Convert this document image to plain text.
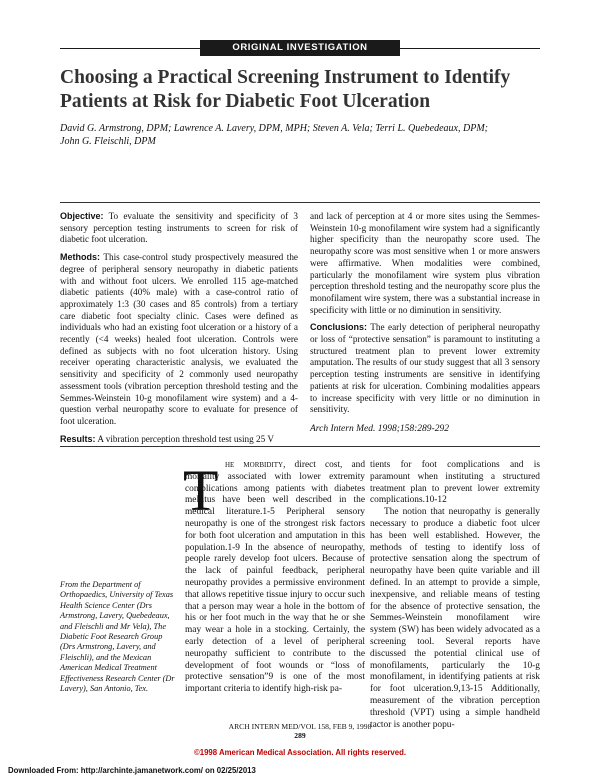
ORIGINAL INVESTIGATION
Choosing a Practical Screening Instrument to Identify Patients at Risk for Diabetic Foot Ulceration
David G. Armstrong, DPM; Lawrence A. Lavery, DPM, MPH; Steven A. Vela; Terri L. Quebedeaux, DPM; John G. Fleischli, DPM

Objective: To evaluate the sensitivity and specificity of 3 sensory perception testing instruments to screen for risk of diabetic foot ulceration.

Methods: This case-control study prospectively measured the degree of peripheral sensory neuropathy in diabetic patients with and without foot ulcers. We enrolled 115 age-matched diabetic patients (40% male) with a case-control ratio of approximately 1:3 (30 cases and 85 controls) from a tertiary care diabetic foot specialty clinic. Cases were defined as individuals who had an existing foot ulceration or a history of a recently (<4 weeks) healed foot ulceration. Controls were defined as subjects with no foot ulceration history. Using receiver operating characteristic analysis, we evaluated the sensitivity and specificity of 2 commonly used neuropathy assessment tools (vibration perception threshold testing and the Semmes-Weinstein 10-g monofilament wire system) and a 4-question verbal neuropathy score to evaluate for presence of foot ulceration.

Results: A vibration perception threshold test using 25 V

and lack of perception at 4 or more sites using the Semmes-Weinstein 10-g monofilament wire system had a significantly higher specificity than the neuropathy score used. The neuropathy score was most sensitive when 1 or more answers were affirmative. When modalities were combined, particularly the monofilament wire system plus vibration perception threshold testing and the neuropathy score plus the monofilament wire system, there was a substantial increase in specificity with little or no diminution in sensitivity.

Conclusions: The early detection of peripheral neuropathy or loss of “protective sensation” is paramount to instituting a structured treatment plan to prevent lower extremity amputation. The results of our study suggest that all 3 sensory perception testing instruments are sensitive in identifying patients at risk for ulceration. Combining modalities appears to increase specificity with very little or no diminution in sensitivity.

Arch Intern Med. 1998;158:289-292

From the Department of Orthopaedics, University of Texas Health Science Center (Drs Armstrong, Lavery, Quebedeaux, and Fleischli and Mr Vela), The Diabetic Foot Research Group (Drs Armstrong, Lavery, and Fleischli), and the Mexican American Medical Treatment Effectiveness Research Center (Dr Lavery), San Antonio, Tex.
T he morbidity, direct cost, and mortality associated with lower extremity complications among patients with diabetes mellitus have been well described in the medical literature.1-5 Peripheral sensory neuropathy is one of the strongest risk factors for both foot ulceration and amputation in this population.1-9 In the absence of neuropathy, people rarely develop foot ulcers. Because of the lack of painful feedback, peripheral neuropathy provides a permissive environment that allows repetitive tissue injury to occur such that a person may wear a hole in the bottom of his or her foot much in the way that he or she may wear a hole in a stocking. Certainly, the early detection of a level of peripheral neuropathy sufficient to contribute to the development of foot wounds or “loss of protective sensation”9 is one of the most important criteria to identify high-risk pa-

tients for foot complications and is paramount when instituting a structured treatment plan to prevent lower extremity complications.10-12

The notion that neuropathy is generally necessary to produce a diabetic foot ulcer has been well established. However, the methods of testing to identify loss of protective sensation along the spectrum of neuropathy have been quite variable and ill defined. In an attempt to provide a simple, inexpensive, and reliable means of testing for the absence of protective sensation, the Semmes-Weinstein monofilament wire system (SW) has been widely advocated as a screening tool. Several reports have discussed the potential clinical use of monofilaments, particularly the 10-g monofilament, in identifying patients at risk for foot ulceration.9,13-15 Additionally, measurement of the vibration perception threshold (VPT) using a simple handheld tactor is another popu-

ARCH INTERN MED/VOL 158, FEB 9, 1998
289
©1998 American Medical Association. All rights reserved.
Downloaded From: http://archinte.jamanetwork.com/ on 02/25/2013
